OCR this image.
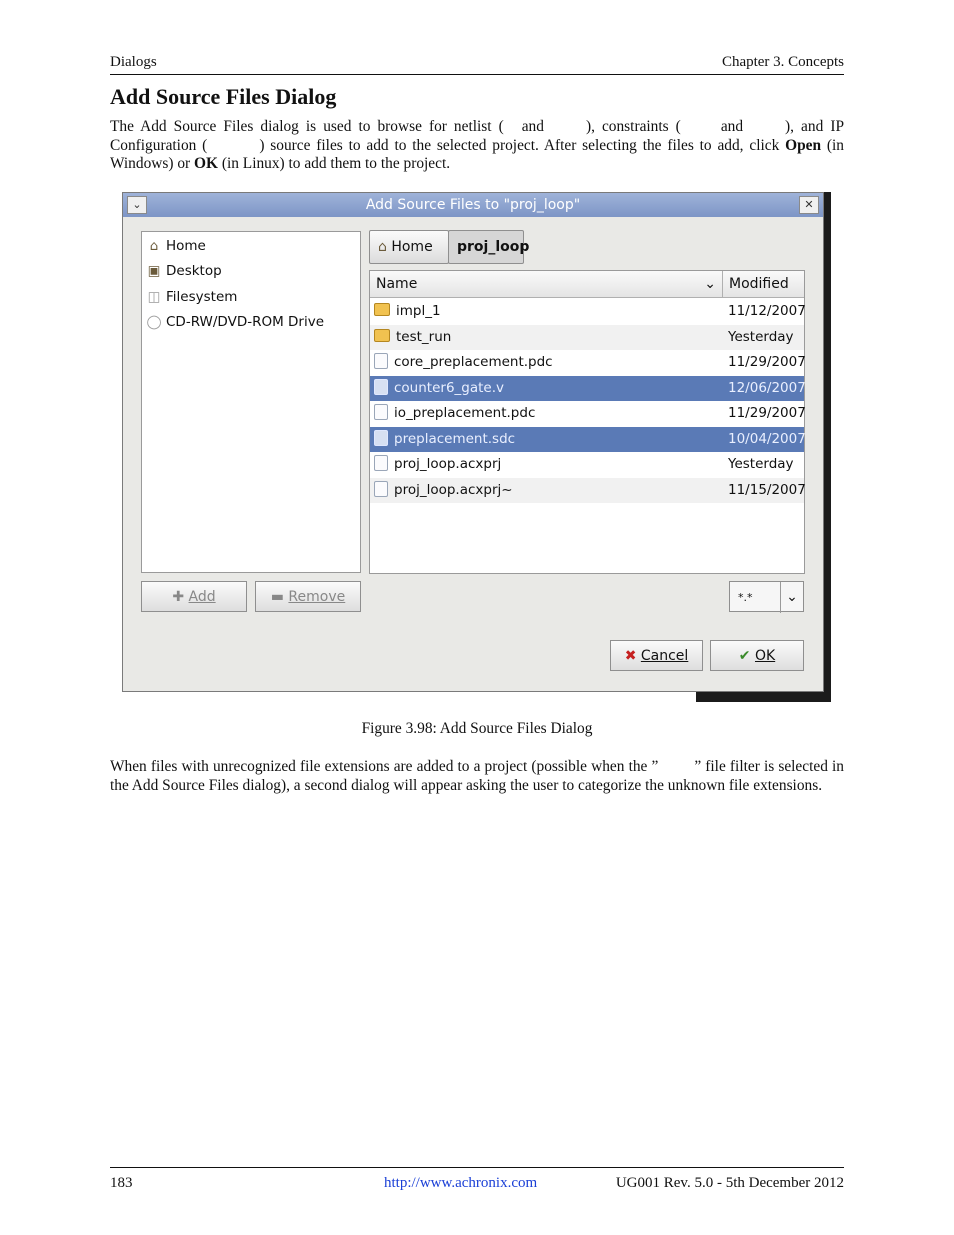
Dialogs	Chapter 3. Concepts
Add Source Files Dialog

The Add Source Files dialog is used to browse for netlist ( and	), constraints (	and	), and IP Configuration (	) source files to add to the selected project. After selecting the files to add, click Open (in Windows) or OK (in Linux) to add them to the project.

⌄	Add Source Files to "proj_loop"	✕
⌂ Home
▣ Desktop
◫ Filesystem
◯ CD-RW/DVD-ROM Drive
⌂ Home	proj_loop
Name	⌄ Modified
impl_1	11/12/2007
test_run	Yesterday
core_preplacement.pdc	11/29/2007
counter6_gate.v	12/06/2007
io_preplacement.pdc	11/29/2007
preplacement.sdc	10/04/2007
proj_loop.acxprj	Yesterday
proj_loop.acxprj~	11/15/2007
✚ Add	▬ Remove	*.*	⌄
✖ Cancel	✔ OK
Figure 3.98: Add Source Files Dialog

When files with unrecognized file extensions are added to a project (possible when the ” ” file filter is selected in the Add Source Files dialog), a second dialog will appear asking the user to categorize the unknown file extensions.

183	http://www.achronix.com	UG001 Rev. 5.0 - 5th December 2012
